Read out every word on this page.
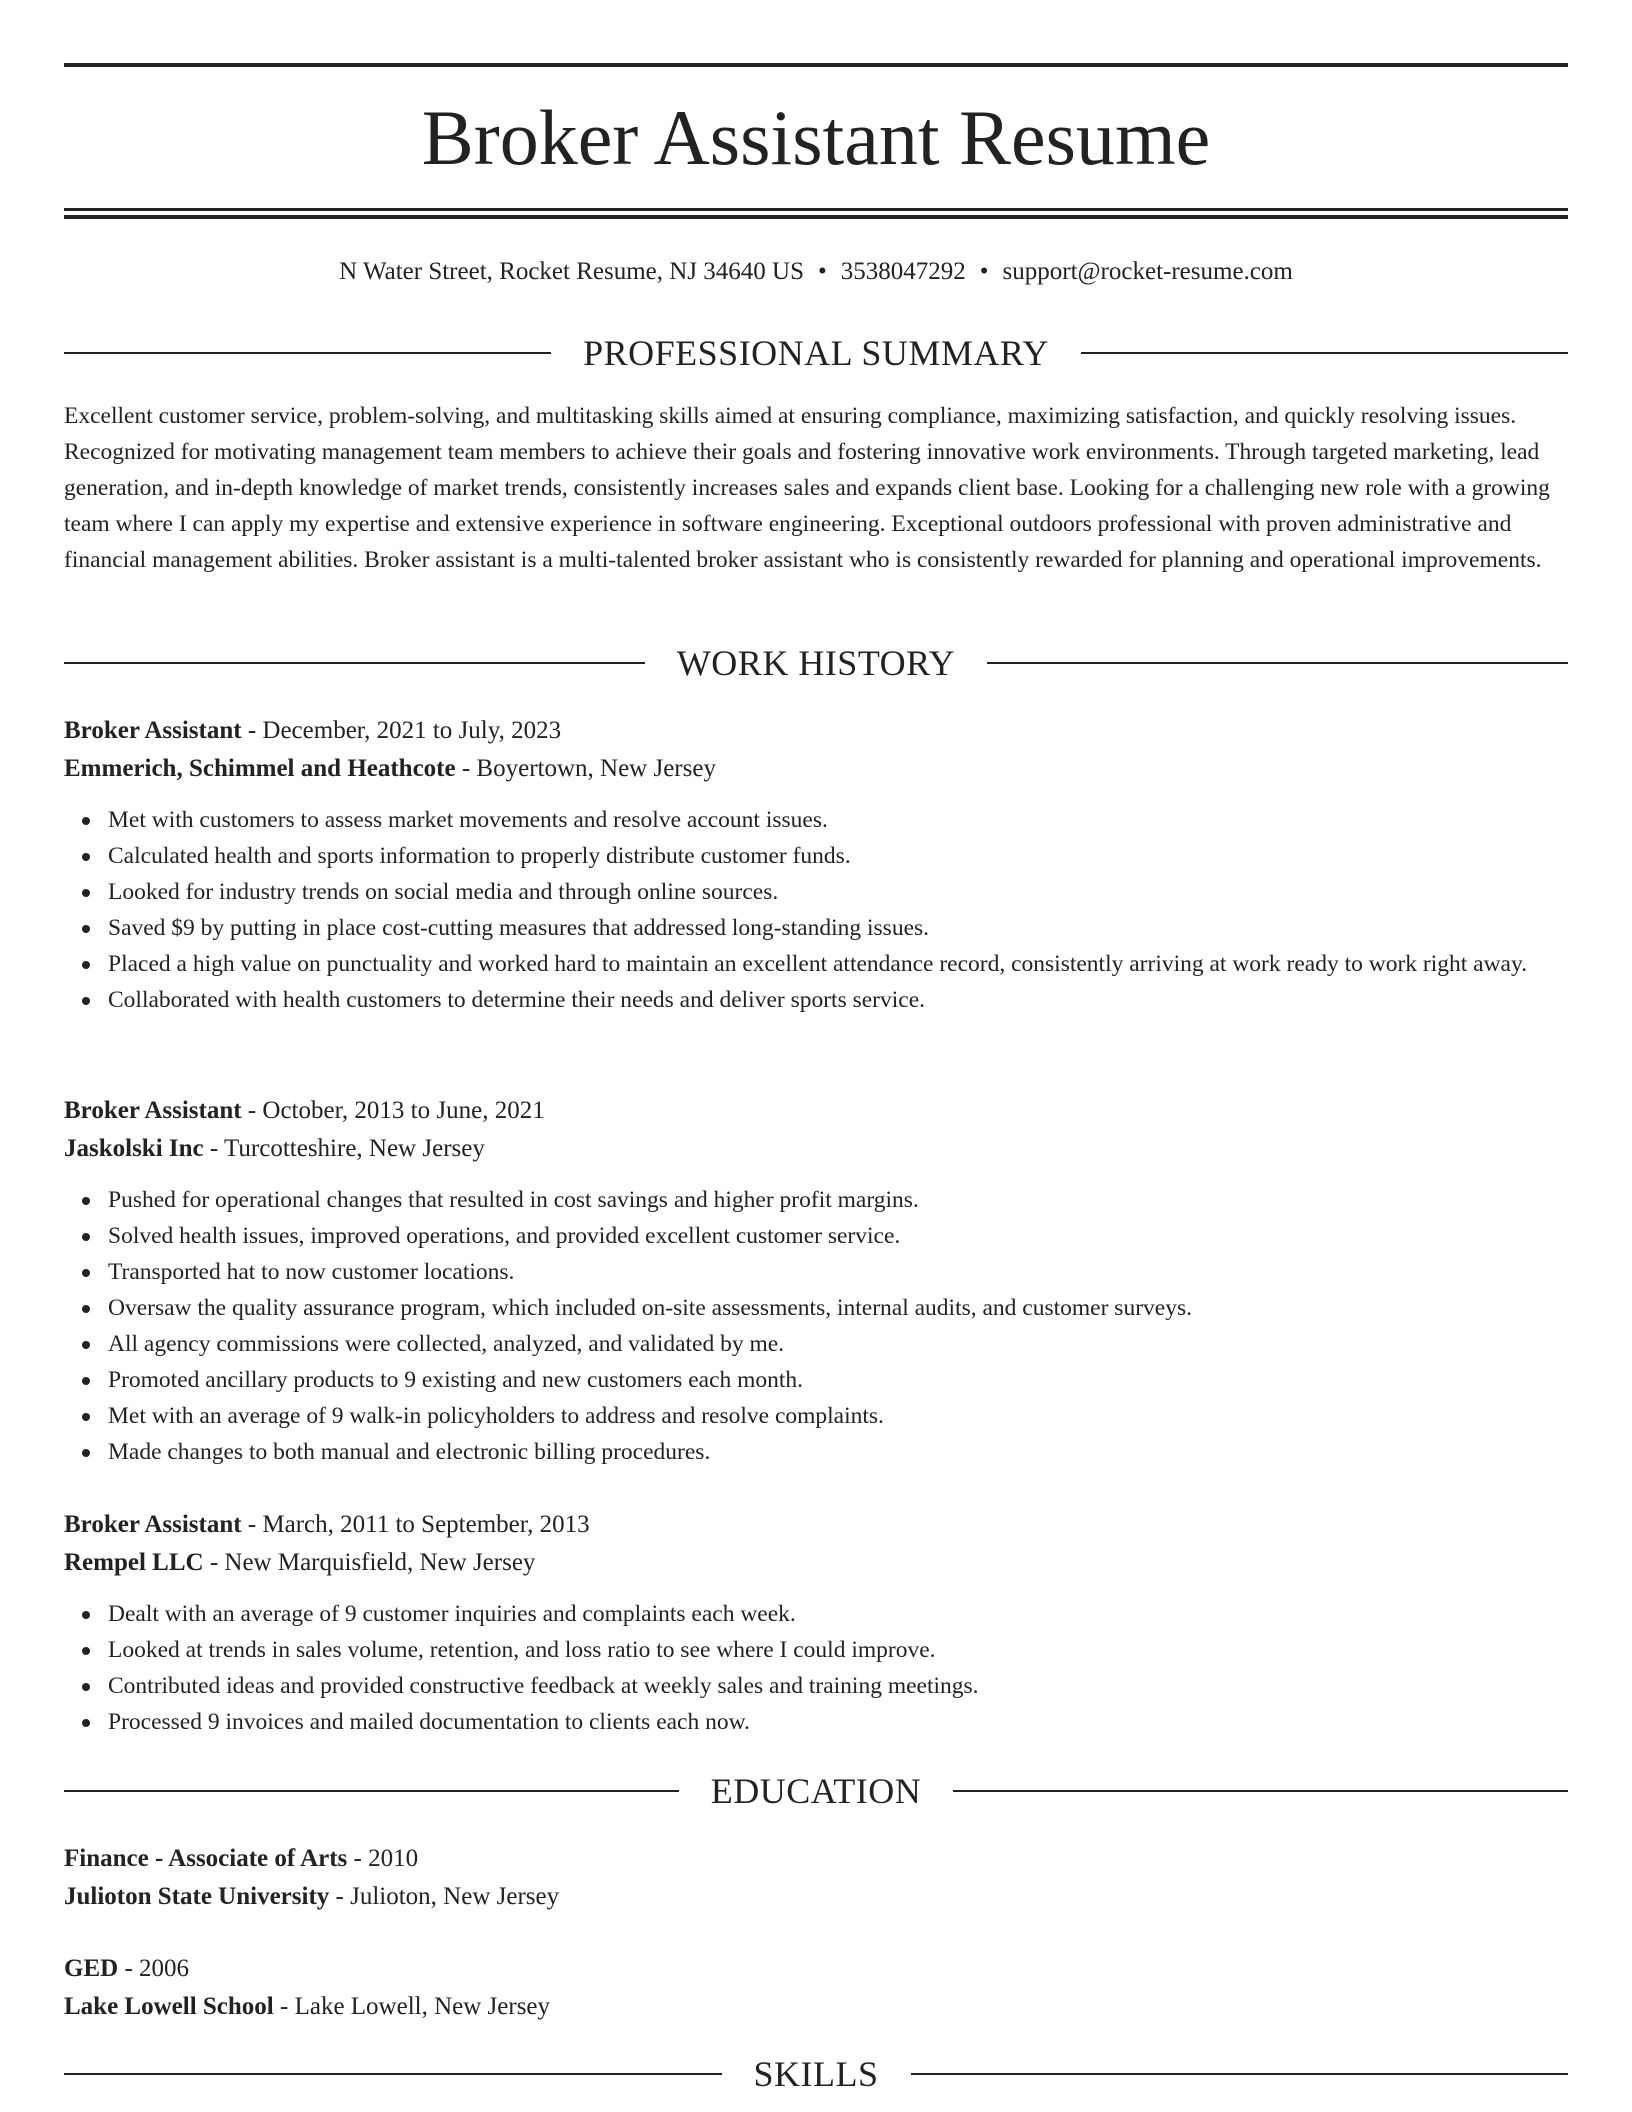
Broker Assistant Resume
N Water Street, Rocket Resume, NJ 34640 US • 3538047292 • support@rocket-resume.com
PROFESSIONAL SUMMARY

Excellent customer service, problem-solving, and multitasking skills aimed at ensuring compliance, maximizing satisfaction, and quickly resolving issues. Recognized for motivating management team members to achieve their goals and fostering innovative work environments. Through targeted marketing, lead generation, and in-depth knowledge of market trends, consistently increases sales and expands client base. Looking for a challenging new role with a growing team where I can apply my expertise and extensive experience in software engineering. Exceptional outdoors professional with proven administrative and financial management abilities. Broker assistant is a multi-talented broker assistant who is consistently rewarded for planning and operational improvements.

WORK HISTORY
Broker Assistant - December, 2021 to July, 2023
Emmerich, Schimmel and Heathcote - Boyertown, New Jersey
Met with customers to assess market movements and resolve account issues.
Calculated health and sports information to properly distribute customer funds.
Looked for industry trends on social media and through online sources.
Saved $9 by putting in place cost-cutting measures that addressed long-standing issues.
Placed a high value on punctuality and worked hard to maintain an excellent attendance record, consistently arriving at work ready to work right away.
Collaborated with health customers to determine their needs and deliver sports service.
Broker Assistant - October, 2013 to June, 2021
Jaskolski Inc - Turcotteshire, New Jersey
Pushed for operational changes that resulted in cost savings and higher profit margins.
Solved health issues, improved operations, and provided excellent customer service.
Transported hat to now customer locations.
Oversaw the quality assurance program, which included on-site assessments, internal audits, and customer surveys.
All agency commissions were collected, analyzed, and validated by me.
Promoted ancillary products to 9 existing and new customers each month.
Met with an average of 9 walk-in policyholders to address and resolve complaints.
Made changes to both manual and electronic billing procedures.
Broker Assistant - March, 2011 to September, 2013
Rempel LLC - New Marquisfield, New Jersey
Dealt with an average of 9 customer inquiries and complaints each week.
Looked at trends in sales volume, retention, and loss ratio to see where I could improve.
Contributed ideas and provided constructive feedback at weekly sales and training meetings.
Processed 9 invoices and mailed documentation to clients each now.
EDUCATION
Finance - Associate of Arts - 2010
Julioton State University - Julioton, New Jersey
GED - 2006
Lake Lowell School - Lake Lowell, New Jersey
SKILLS
